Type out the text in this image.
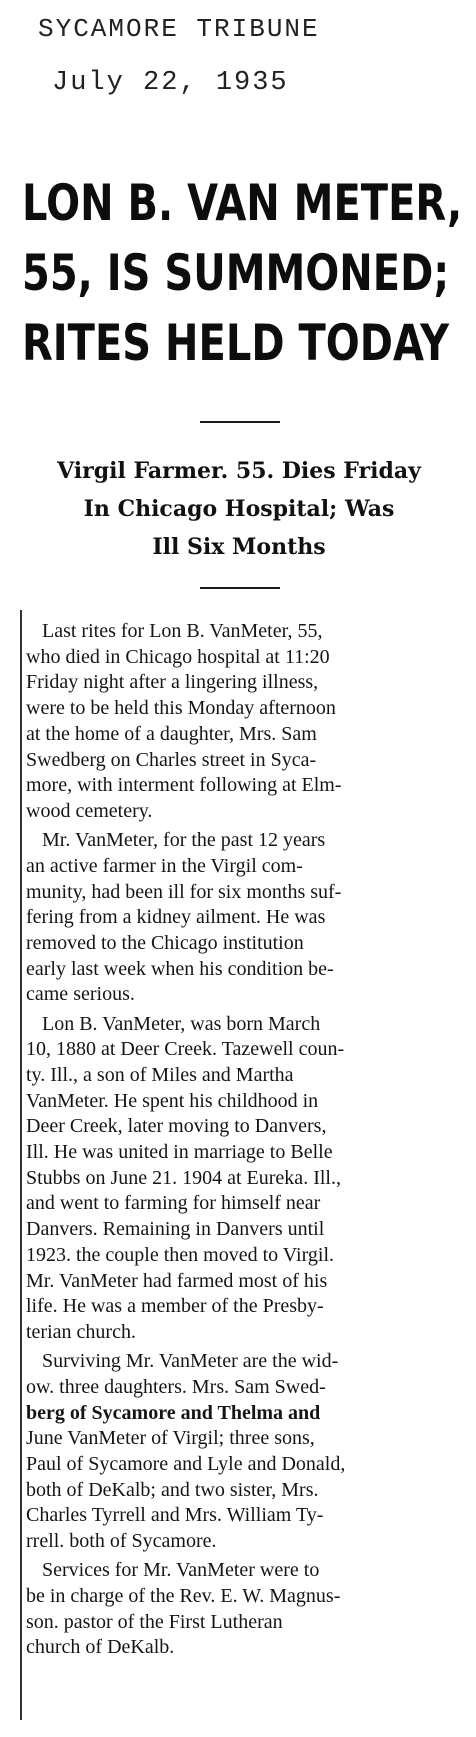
SYCAMORE TRIBUNE
July 22, 1935
LON B. VAN METER,
55, IS SUMMONED;
RITES HELD TODAY
Virgil Farmer. 55. Dies Friday
In Chicago Hospital; Was
Ill Six Months

Last rites for Lon B. VanMeter, 55,
who died in Chicago hospital at 11:20
Friday night after a lingering illness,
were to be held this Monday afternoon
at the home of a daughter, Mrs. Sam
Swedberg on Charles street in Syca-
more, with interment following at Elm-
wood cemetery.

Mr. VanMeter, for the past 12 years
an active farmer in the Virgil com-
munity, had been ill for six months suf-
fering from a kidney ailment. He was
removed to the Chicago institution
early last week when his condition be-
came serious.

Lon B. VanMeter, was born March
10, 1880 at Deer Creek. Tazewell coun-
ty. Ill., a son of Miles and Martha
VanMeter. He spent his childhood in
Deer Creek, later moving to Danvers,
Ill. He was united in marriage to Belle
Stubbs on June 21. 1904 at Eureka. Ill.,
and went to farming for himself near
Danvers. Remaining in Danvers until
1923. the couple then moved to Virgil.
Mr. VanMeter had farmed most of his
life. He was a member of the Presby-
terian church.

Surviving Mr. VanMeter are the wid-
ow. three daughters. Mrs. Sam Swed-
berg of Sycamore and Thelma and
June VanMeter of Virgil; three sons,
Paul of Sycamore and Lyle and Donald,
both of DeKalb; and two sister, Mrs.
Charles Tyrrell and Mrs. William Ty-
rrell. both of Sycamore.

Services for Mr. VanMeter were to
be in charge of the Rev. E. W. Magnus-
son. pastor of the First Lutheran
church of DeKalb.
